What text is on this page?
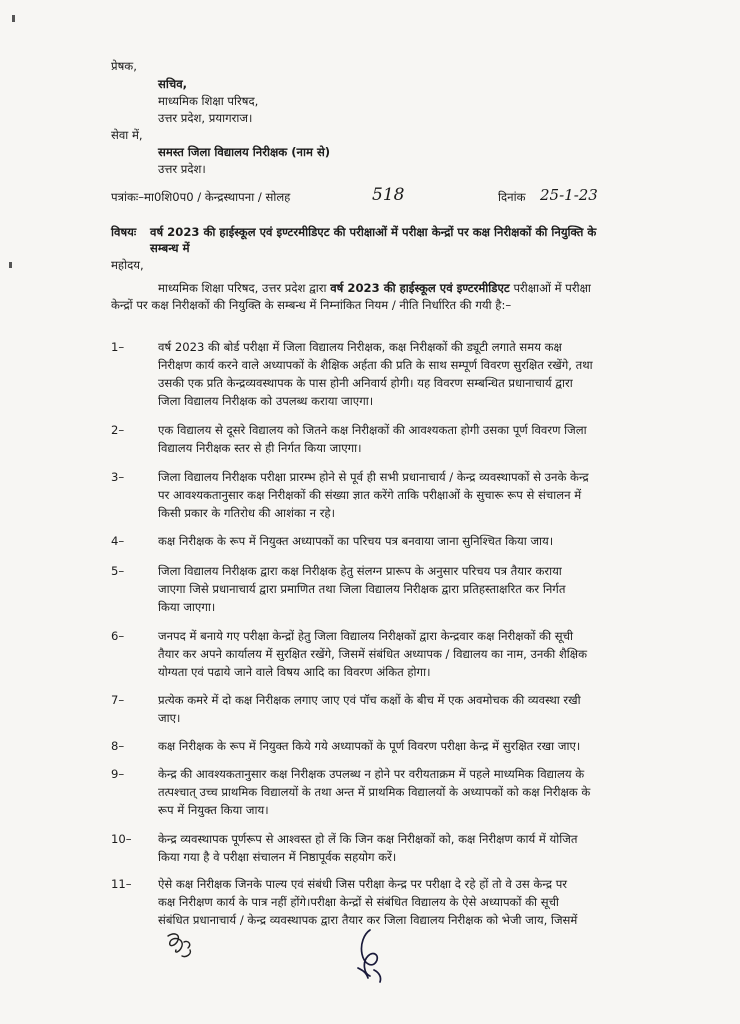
प्रेषक,
सचिव,
माध्यमिक शिक्षा परिषद,
उत्तर प्रदेश, प्रयागराज।
सेवा में,
समस्त जिला विद्यालय निरीक्षक (नाम से)
उत्तर प्रदेश।
पत्रांकः–मा0शि0प0 / केन्द्रस्थापना / सोलह	518	दिनांक 25-1-23
विषयः वर्ष 2023 की हाईस्कूल एवं इण्टरमीडिएट की परीक्षाओं में परीक्षा केन्द्रों पर कक्ष निरीक्षकों की नियुक्ति के
सम्बन्ध में
महोदय,
माध्यमिक शिक्षा परिषद, उत्तर प्रदेश द्वारा वर्ष 2023 की हाईस्कूल एवं इण्टरमीडिएट परीक्षाओं में परीक्षा
केन्द्रों पर कक्ष निरीक्षकों की नियुक्ति के सम्बन्ध में निम्नांकित नियम / नीति निर्धारित की गयी है:–
1–	वर्ष 2023 की बोर्ड परीक्षा में जिला विद्यालय निरीक्षक, कक्ष निरीक्षकों की ड्यूटी लगाते समय कक्ष
निरीक्षण कार्य करने वाले अध्यापकों के शैक्षिक अर्हता की प्रति के साथ सम्पूर्ण विवरण सुरक्षित रखेंगे, तथा
उसकी एक प्रति केन्द्रव्यवस्थापक के पास होनी अनिवार्य होगी। यह विवरण सम्बन्धित प्रधानाचार्य द्वारा
जिला विद्यालय निरीक्षक को उपलब्ध कराया जाएगा।
2–	एक विद्यालय से दूसरे विद्यालय को जितने कक्ष निरीक्षकों की आवश्यकता होगी उसका पूर्ण विवरण जिला
विद्यालय निरीक्षक स्तर से ही निर्गत किया जाएगा।
3–	जिला विद्यालय निरीक्षक परीक्षा प्रारम्भ होने से पूर्व ही सभी प्रधानाचार्य / केन्द्र व्यवस्थापकों से उनके केन्द्र
पर आवश्यकतानुसार कक्ष निरीक्षकों की संख्या ज्ञात करेंगे ताकि परीक्षाओं के सुचारू रूप से संचालन में
किसी प्रकार के गतिरोध की आशंका न रहे।
4–	कक्ष निरीक्षक के रूप में नियुक्त अध्यापकों का परिचय पत्र बनवाया जाना सुनिश्चित किया जाय।
5–	जिला विद्यालय निरीक्षक द्वारा कक्ष निरीक्षक हेतु संलग्न प्रारूप के अनुसार परिचय पत्र तैयार कराया
जाएगा जिसे प्रधानाचार्य द्वारा प्रमाणित तथा जिला विद्यालय निरीक्षक द्वारा प्रतिहस्ताक्षरित कर निर्गत
किया जाएगा।
6–	जनपद में बनाये गए परीक्षा केन्द्रों हेतु जिला विद्यालय निरीक्षकों द्वारा केन्द्रवार कक्ष निरीक्षकों की सूची
तैयार कर अपने कार्यालय में सुरक्षित रखेंगे, जिसमें संबंधित अध्यापक / विद्यालय का नाम, उनकी शैक्षिक
योग्यता एवं पढाये जाने वाले विषय आदि का विवरण अंकित होगा।
7–	प्रत्येक कमरे में दो कक्ष निरीक्षक लगाए जाए एवं पॉच कक्षों के बीच में एक अवमोचक की व्यवस्था रखी
जाए।
8–	कक्ष निरीक्षक के रूप में नियुक्त किये गये अध्यापकों के पूर्ण विवरण परीक्षा केन्द्र में सुरक्षित रखा जाए।
9–	केन्द्र की आवश्यकतानुसार कक्ष निरीक्षक उपलब्ध न होने पर वरीयताक्रम में पहले माध्यमिक विद्यालय के
तत्पश्चात् उच्च प्राथमिक विद्यालयों के तथा अन्त में प्राथमिक विद्यालयों के अध्यापकों को कक्ष निरीक्षक के
रूप में नियुक्त किया जाय।
10– केन्द्र व्यवस्थापक पूर्णरूप से आश्वस्त हो लें कि जिन कक्ष निरीक्षकों को, कक्ष निरीक्षण कार्य में योजित
किया गया है वे परीक्षा संचालन में निष्ठापूर्वक सहयोग करें।
11– ऐसे कक्ष निरीक्षक जिनके पाल्य एवं संबंधी जिस परीक्षा केन्द्र पर परीक्षा दे रहे हों तो वे उस केन्द्र पर
कक्ष निरीक्षण कार्य के पात्र नहीं होंगे।परीक्षा केन्द्रों से संबंधित विद्यालय के ऐसे अध्यापकों की सूची
संबंधित प्रधानाचार्य / केन्द्र व्यवस्थापक द्वारा तैयार कर जिला विद्यालय निरीक्षक को भेजी जाय, जिसमें
